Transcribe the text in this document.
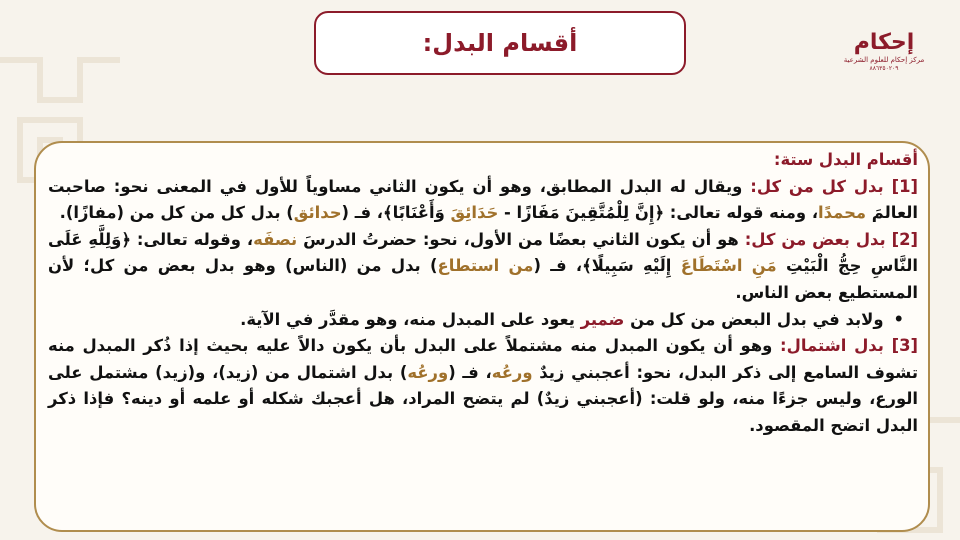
أقسام البدل:	إحكام
مركز إحكام للعلوم الشرعية
٨٨٦٣٥٠٢٠٩

أقسام البدل ستة:

[1] بدل كل من كل: ويقال له البدل المطابق، وهو أن يكون الثاني مساوياً للأول في المعنى نحو: صاحبت العالمَ محمدًا، ومنه قوله تعالى: ﴿إِنَّ لِلْمُتَّقِينَ مَفَازًا - حَدَائِقَ وَأَعْنَابًا﴾، فـ (حدائق) بدل كل من كل من (مفازًا).

[2] بدل بعض من كل: هو أن يكون الثاني بعضًا من الأول، نحو: حضرتُ الدرسَ نصفَه، وقوله تعالى: ﴿وَلِلَّهِ عَلَى النَّاسِ حِجُّ الْبَيْتِ مَنِ اسْتَطَاعَ إِلَيْهِ سَبِيلًا﴾، فـ (من استطاع) بدل من (الناس) وهو بدل بعض من كل؛ لأن المستطيع بعض الناس.

•
ولابد في بدل البعض من كل من ضمير يعود على المبدل منه، وهو مقدَّر في الآية.

[3] بدل اشتمال: وهو أن يكون المبدل منه مشتملاً على البدل بأن يكون دالاً عليه بحيث إذا ذُكر المبدل منه تشوف السامع إلى ذكر البدل، نحو: أعجبني زيدٌ ورعُه، فـ (ورعُه) بدل اشتمال من (زيد)، و(زيد) مشتمل على الورع، وليس جزءًا منه، ولو قلت: (أعجبني زيدٌ) لم يتضح المراد، هل أعجبك شكله أو علمه أو دينه؟ فإذا ذكر البدل اتضح المقصود.
